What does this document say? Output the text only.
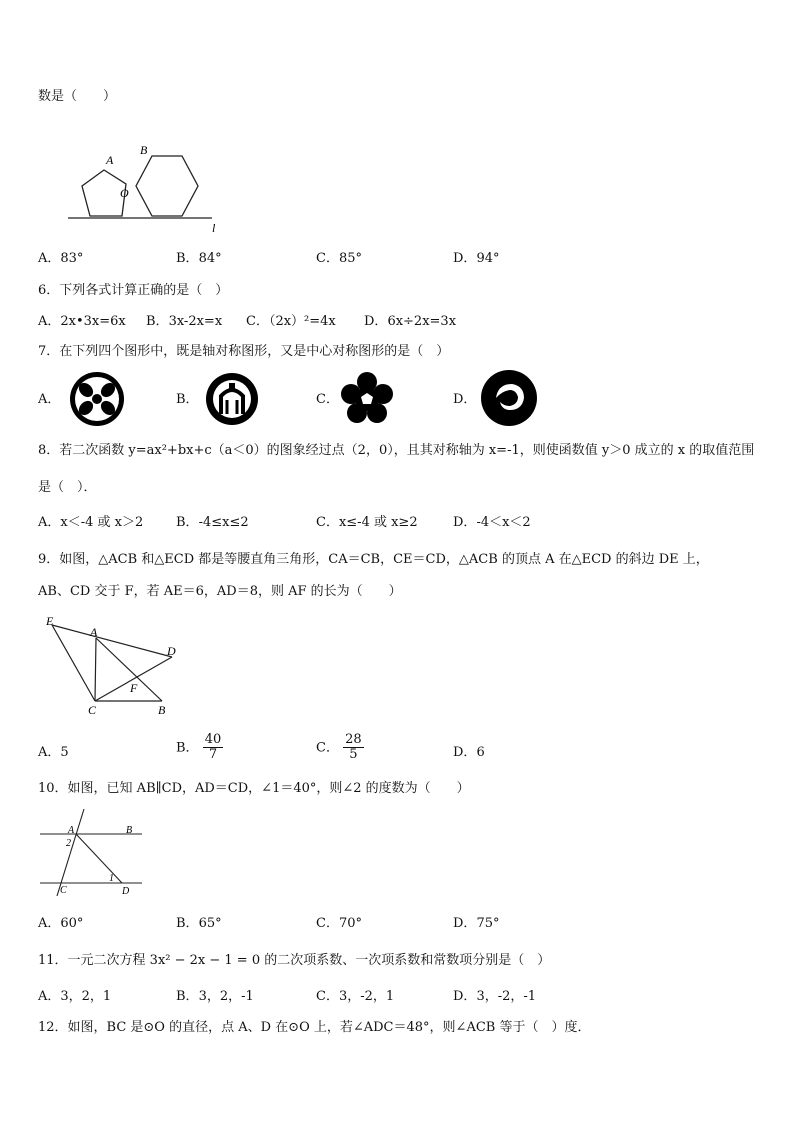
数是（　　）
A
B
O
l
A．83°	B．84°	C．85°	D．94°
6．下列各式计算正确的是（　）
A．2x•3x=6x B．3x-2x=x C．（2x）²=4x D．6x÷2x=3x
7．在下列四个图形中，既是轴对称图形，又是中心对称图形的是（　）
A．	B．	C．	D．
8．若二次函数 y=ax²+bx+c（a＜0）的图象经过点（2，0），且其对称轴为 x=-1，则使函数值 y＞0 成立的 x 的取值范围
是（　）．
A．x＜-4 或 x＞2	B．-4≤x≤2	C．x≤-4 或 x≥2	D．-4＜x＜2
9．如图，△ACB 和△ECD 都是等腰直角三角形，CA＝CB，CE＝CD，△ACB 的顶点 A 在△ECD 的斜边 DE 上，
AB、CD 交于 F，若 AE＝6，AD＝8，则 AF 的长为（　　）
E
A
D
F
C	B
A．5	B． $\frac{40}{7}$	C． $\frac{28}{5}$	D．6
10．如图，已知 AB∥CD，AD＝CD，∠1＝40°，则∠2 的度数为（　　）
A	B
2
1
C	D
A．60°	B．65°	C．70°	D．75°
11．一元二次方程 3x² − 2x − 1 = 0 的二次项系数、一次项系数和常数项分别是（　）
A．3，2，1	B．3，2，-1	C．3，-2，1	D．3，-2，-1
12．如图，BC 是⊙O 的直径，点 A、D 在⊙O 上，若∠ADC＝48°，则∠ACB 等于（　）度．
